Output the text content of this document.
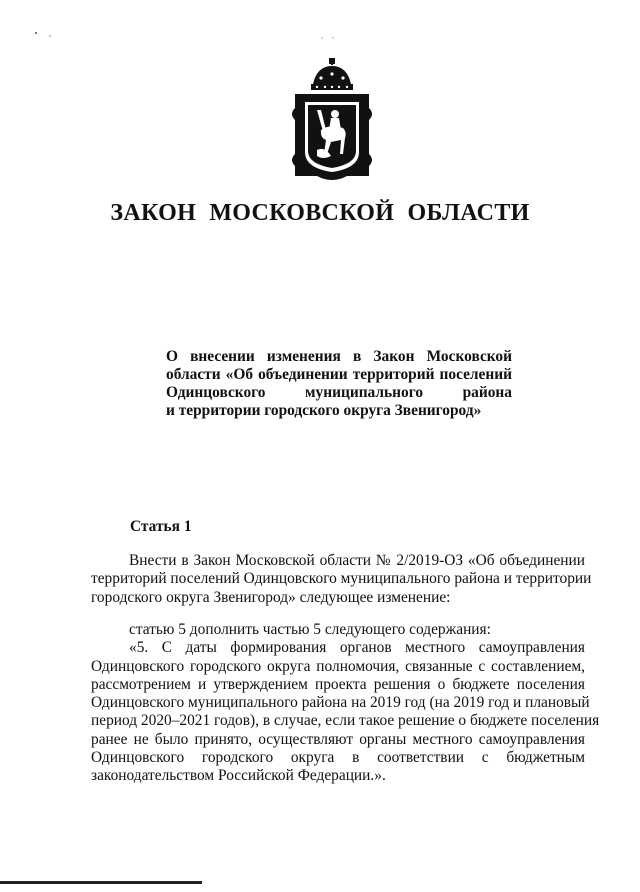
ЗАКОН МОСКОВСКОЙ ОБЛАСТИ
О внесении изменения в Закон Московской
области «Об объединении территорий поселений
Одинцовского муниципального района
и территории городского округа Звенигород»
Статья 1
Внести в Закон Московской области № 2/2019-ОЗ «Об объединении
территорий поселений Одинцовского муниципального района и территории
городского округа Звенигород» следующее изменение:
статью 5 дополнить частью 5 следующего содержания:
«5. С даты формирования органов местного самоуправления
Одинцовского городского округа полномочия, связанные с составлением,
рассмотрением и утверждением проекта решения о бюджете поселения
Одинцовского муниципального района на 2019 год (на 2019 год и плановый
период 2020–2021 годов), в случае, если такое решение о бюджете поселения
ранее не было принято, осуществляют органы местного самоуправления
Одинцовского городского округа в соответствии с бюджетным
законодательством Российской Федерации.».
